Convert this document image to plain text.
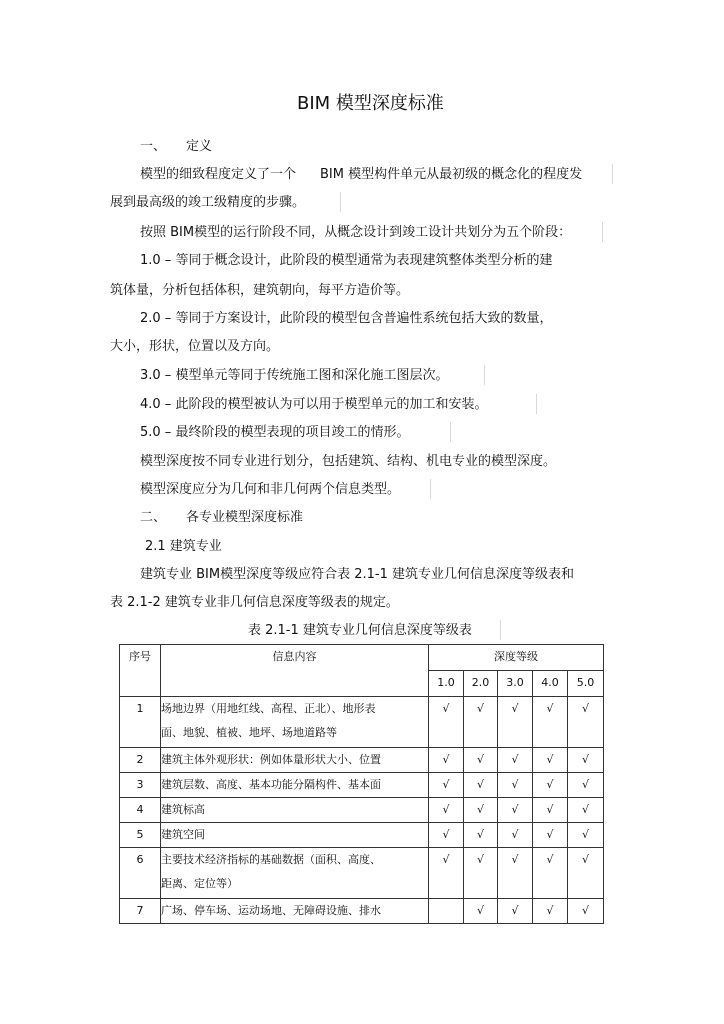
BIM 模型深度标准
一、 定义
模型的细致程度定义了一个 BIM 模型构件单元从最初级的概念化的程度发
展到最高级的竣工级精度的步骤。
按照 BIM模型的运行阶段不同，从概念设计到竣工设计共划分为五个阶段：
1.0 – 等同于概念设计，此阶段的模型通常为表现建筑整体类型分析的建
筑体量，分析包括体积，建筑朝向，每平方造价等。
2.0 – 等同于方案设计，此阶段的模型包含普遍性系统包括大致的数量，
大小，形状，位置以及方向。
3.0 – 模型单元等同于传统施工图和深化施工图层次。
4.0 – 此阶段的模型被认为可以用于模型单元的加工和安装。
5.0 – 最终阶段的模型表现的项目竣工的情形。
模型深度按不同专业进行划分，包括建筑、结构、机电专业的模型深度。
模型深度应分为几何和非几何两个信息类型。
二、 各专业模型深度标准
2.1 建筑专业
建筑专业 BIM模型深度等级应符合表 2.1-1 建筑专业几何信息深度等级表和
表 2.1-2 建筑专业非几何信息深度等级表的规定。
表 2.1-1 建筑专业几何信息深度等级表
序号	信息内容	深度等级				
		1.0	2.0	3.0	4.0	5.0
1	场地边界（用地红线、高程、正北）、地形表
面、地貌、植被、地坪、场地道路等	√	√	√	√	√
2	建筑主体外观形状：例如体量形状大小、位置	√	√	√	√	√
3	建筑层数、高度、基本功能分隔构件、基本面	√	√	√	√	√
4	建筑标高	√	√	√	√	√
5	建筑空间	√	√	√	√	√
6	主要技术经济指标的基础数据（面积、高度、
距离、定位等）	√	√	√	√	√
7	广场、停车场、运动场地、无障碍设施、排水		√	√	√	√
